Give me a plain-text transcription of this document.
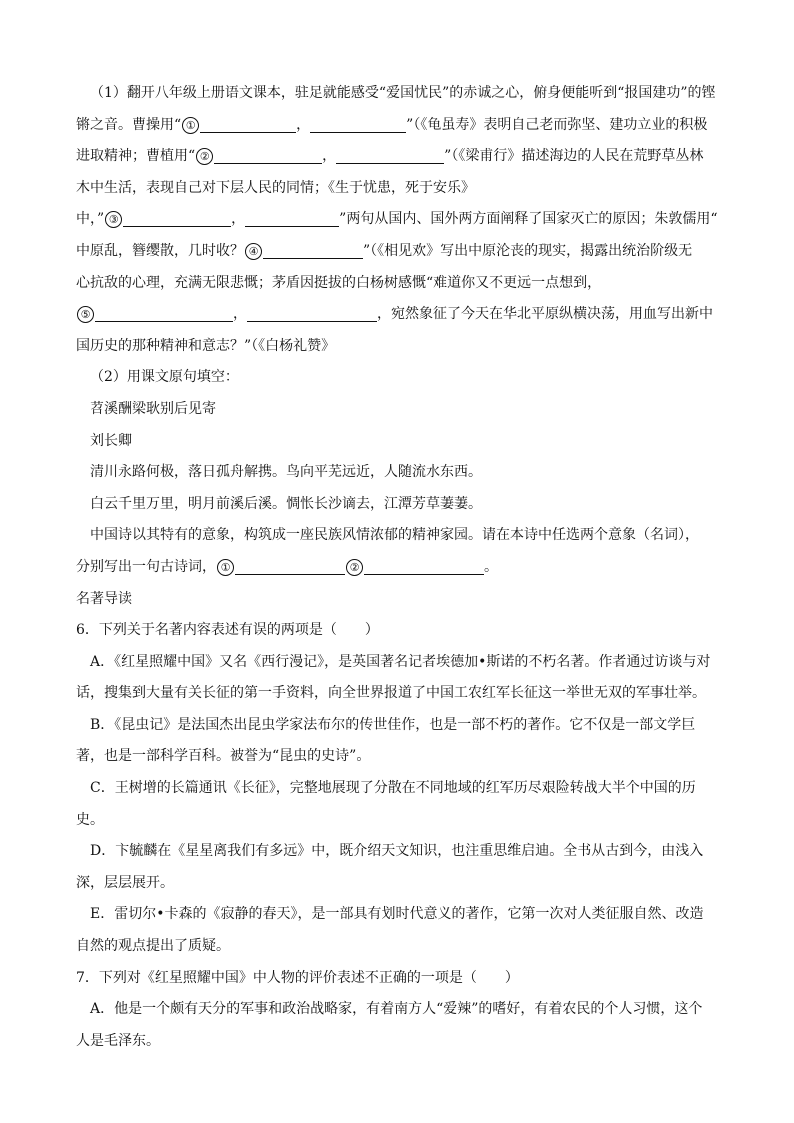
（1）翻开八年级上册语文课本，驻足就能感受“爱国忧民”的赤诚之心，俯身便能听到“报国建功”的铿
锵之音。曹操用“ ①	，	”（《龟虽寿》表明自己老而弥坚、建功立业的积极
进取精神；曹植用“ ②	，	”（《梁甫行》描述海边的人民在荒野草丛林
木中生活，表现自己对下层人民的同情；《生于忧患，死于安乐》
中，” ③	，	”两句从国内、国外两方面阐释了国家灭亡的原因；朱敦儒用“
中原乱，簪缨散，几时收？ ④	”（《相见欢》写出中原沦丧的现实，揭露出统治阶级无
心抗敌的心理，充满无限悲慨；茅盾因挺拔的白杨树感慨“难道你又不更远一点想到，
⑤	，	，宛然象征了今天在华北平原纵横决荡，用血写出新中
国历史的那种精神和意志？”（《白杨礼赞》
（2）用课文原句填空：
苕溪酬梁耿别后见寄
刘长卿
清川永路何极，落日孤舟解携。鸟向平芜远近，人随流水东西。
白云千里万里，明月前溪后溪。惆怅长沙谪去，江潭芳草萋萋。
中国诗以其特有的意象，构筑成一座民族风情浓郁的精神家园。请在本诗中任选两个意象（名词），
分别写出一句古诗词， ①	②	。
名著导读
6．下列关于名著内容表述有误的两项是（　　）
A．《红星照耀中国》又名《西行漫记》，是英国著名记者埃德加•斯诺的不朽名著。作者通过访谈与对
话，搜集到大量有关长征的第一手资料，向全世界报道了中国工农红军长征这一举世无双的军事壮举。
B．《昆虫记》是法国杰出昆虫学家法布尔的传世佳作，也是一部不朽的著作。它不仅是一部文学巨
著，也是一部科学百科。被誉为“昆虫的史诗”。
C．王树增的长篇通讯《长征》，完整地展现了分散在不同地域的红军历尽艰险转战大半个中国的历
史。
D．卞毓麟在《星星离我们有多远》中，既介绍天文知识，也注重思维启迪。全书从古到今，由浅入
深，层层展开。
E．雷切尔•卡森的《寂静的春天》，是一部具有划时代意义的著作，它第一次对人类征服自然、改造
自然的观点提出了质疑。
7．下列对《红星照耀中国》中人物的评价表述不正确的一项是（　　）
A．他是一个颇有天分的军事和政治战略家，有着南方人“爱辣”的嗜好，有着农民的个人习惯，这个
人是毛泽东。
